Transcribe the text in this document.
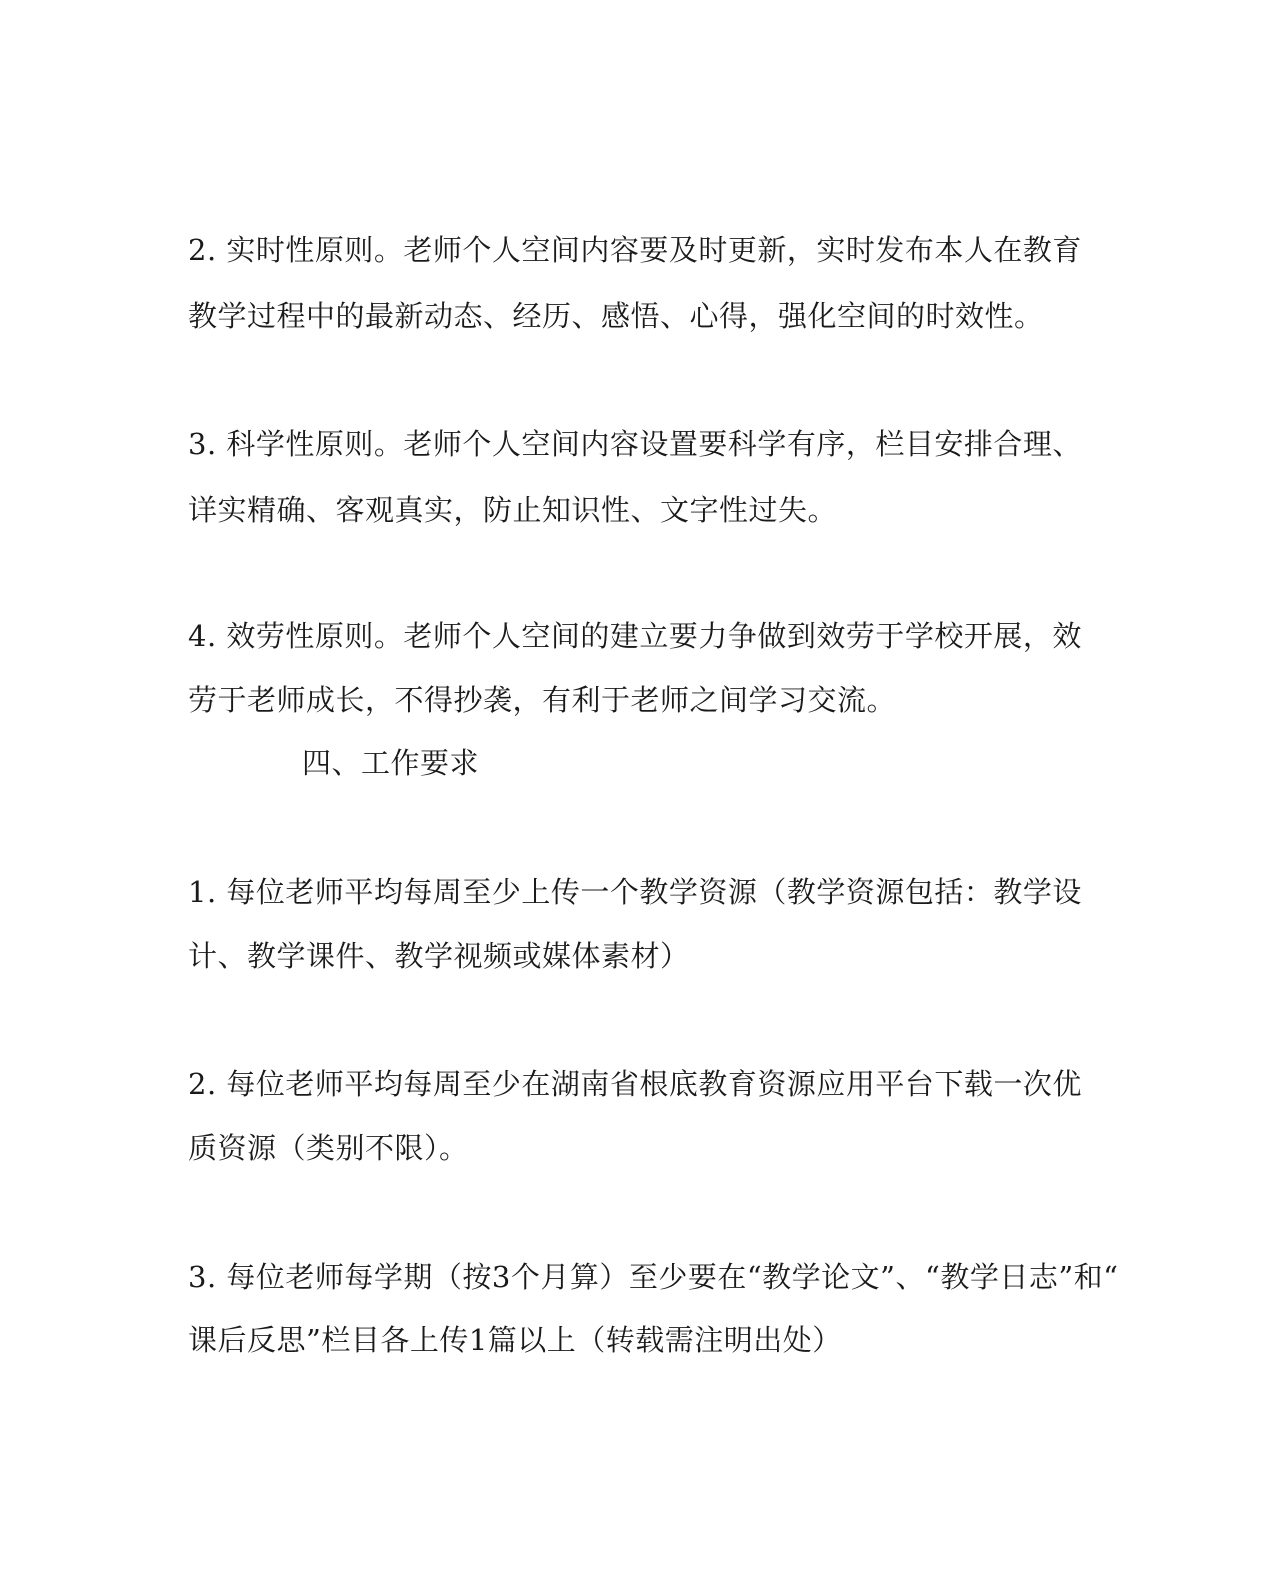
2. 实时性原则。老师个人空间内容要及时更新，实时发布本人在教育
教学过程中的最新动态、经历、感悟、心得，强化空间的时效性。
3. 科学性原则。老师个人空间内容设置要科学有序，栏目安排合理、
详实精确、客观真实，防止知识性、文字性过失。
4. 效劳性原则。老师个人空间的建立要力争做到效劳于学校开展，效
劳于老师成长，不得抄袭，有利于老师之间学习交流。
四、工作要求
1. 每位老师平均每周至少上传一个教学资源（教学资源包括：教学设
计、教学课件、教学视频或媒体素材）
2. 每位老师平均每周至少在湖南省根底教育资源应用平台下载一次优
质资源（类别不限）。
3. 每位老师每学期（按3个月算）至少要在“教学论文”、“教学日志”和“
课后反思”栏目各上传1篇以上（转载需注明出处）
